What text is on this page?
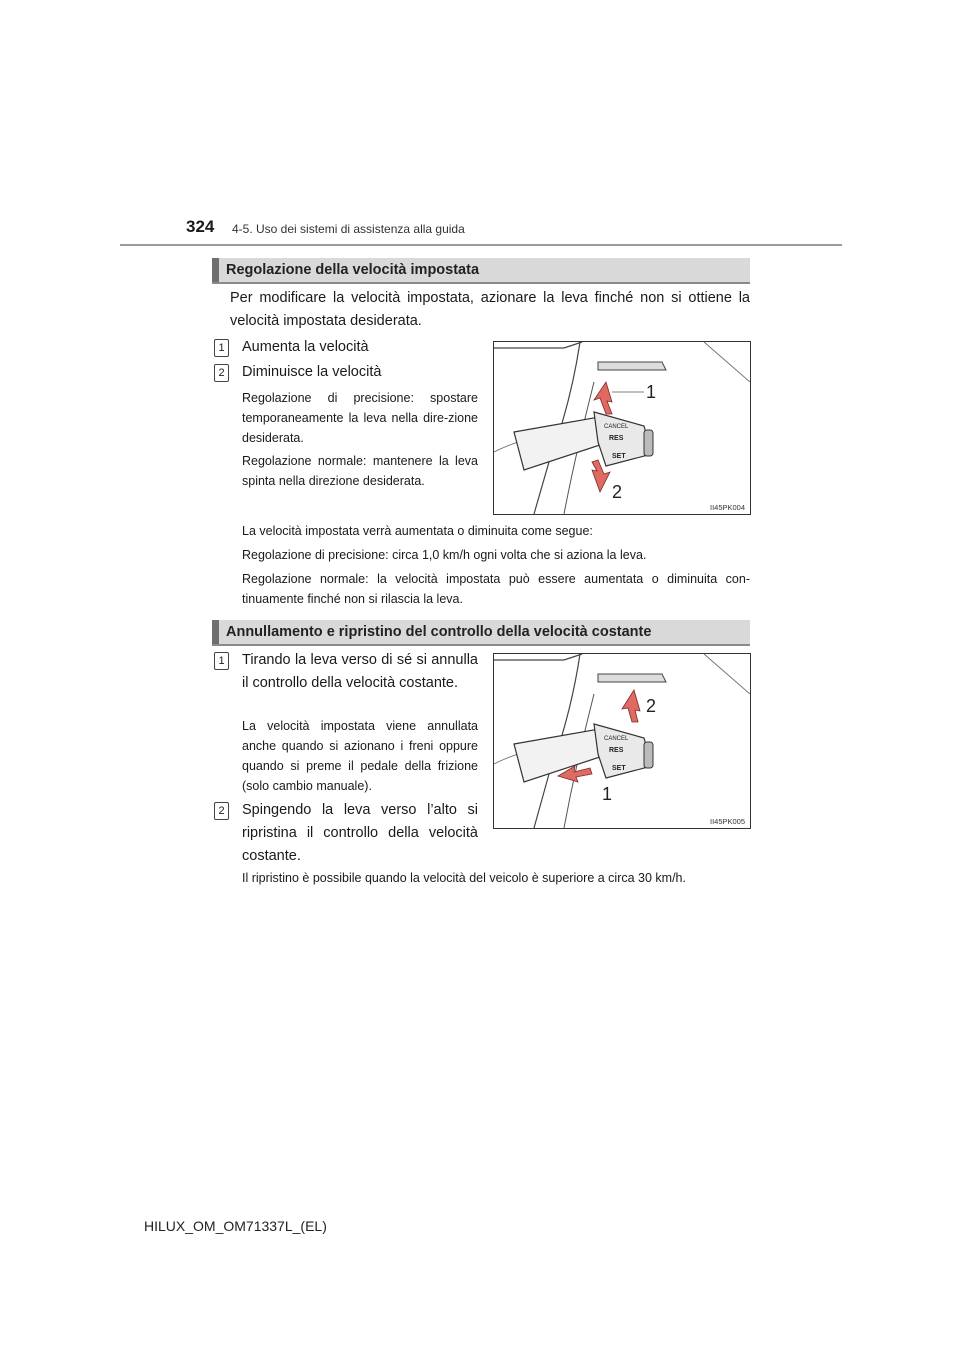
324 4-5. Uso dei sistemi di assistenza alla guida
Regolazione della velocità impostata
Per modificare la velocità impostata, azionare la leva finché non si ottiene la velocità impostata desiderata.
1	Aumenta la velocità
2	Diminuisce la velocità
Regolazione di precisione: spostare temporaneamente la leva nella dire-zione desiderata.
Regolazione normale: mantenere la leva spinta nella direzione desiderata.
CANCEL
RES
SET
1
2
II45PK004
La velocità impostata verrà aumentata o diminuita come segue:
Regolazione di precisione: circa 1,0 km/h ogni volta che si aziona la leva.
Regolazione normale: la velocità impostata può essere aumentata o diminuita con-tinuamente finché non si rilascia la leva.
Annullamento e ripristino del controllo della velocità costante
1	Tirando la leva verso di sé si annulla il controllo della velocità costante.
La velocità impostata viene annullata anche quando si azionano i freni oppure quando si preme il pedale della frizione (solo cambio manuale).
2	Spingendo la leva verso l’alto si ripristina il controllo della velocità costante.
CANCEL
RES
SET
2
1
II45PK005
Il ripristino è possibile quando la velocità del veicolo è superiore a circa 30 km/h.
HILUX_OM_OM71337L_(EL)
